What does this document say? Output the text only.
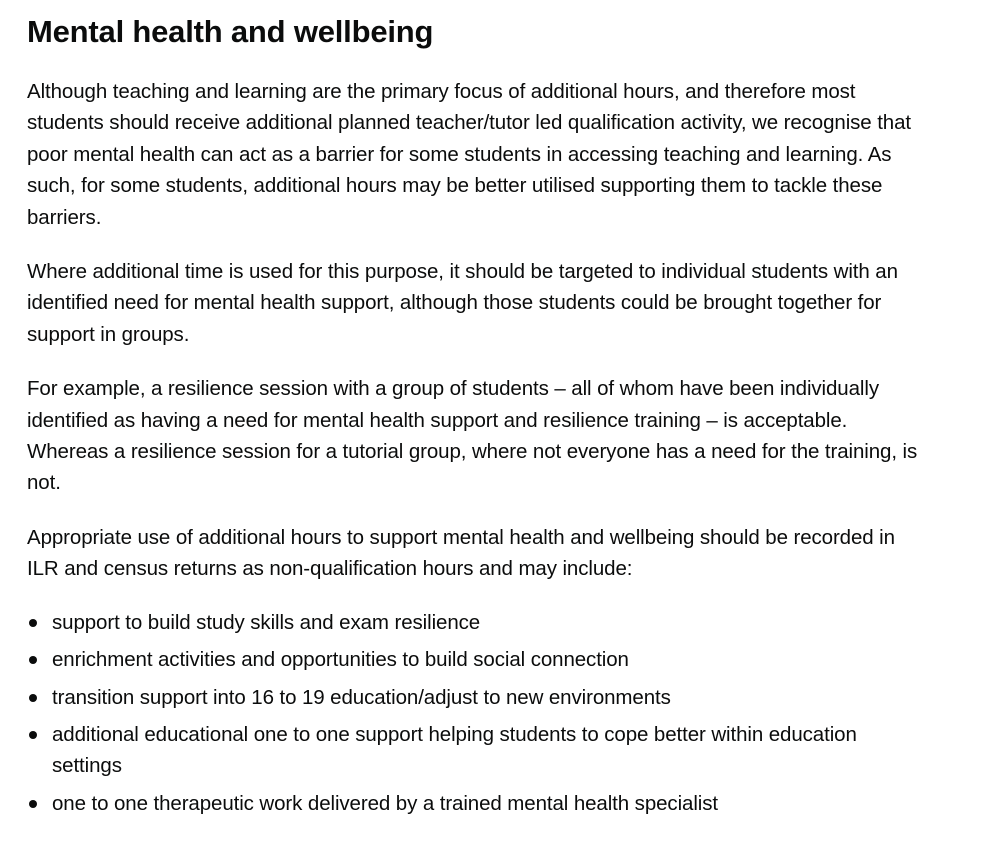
Mental health and wellbeing

Although teaching and learning are the primary focus of additional hours, and therefore most students should receive additional planned teacher/tutor led qualification activity, we recognise that poor mental health can act as a barrier for some students in accessing teaching and learning. As such, for some students, additional hours may be better utilised supporting them to tackle these barriers.

Where additional time is used for this purpose, it should be targeted to individual students with an identified need for mental health support, although those students could be brought together for support in groups.

For example, a resilience session with a group of students – all of whom have been individually identified as having a need for mental health support and resilience training – is acceptable. Whereas a resilience session for a tutorial group, where not everyone has a need for the training, is not.

Appropriate use of additional hours to support mental health and wellbeing should be recorded in ILR and census returns as non-qualification hours and may include:

support to build study skills and exam resilience
enrichment activities and opportunities to build social connection
transition support into 16 to 19 education/adjust to new environments
additional educational one to one support helping students to cope better within education settings
one to one therapeutic work delivered by a trained mental health specialist
